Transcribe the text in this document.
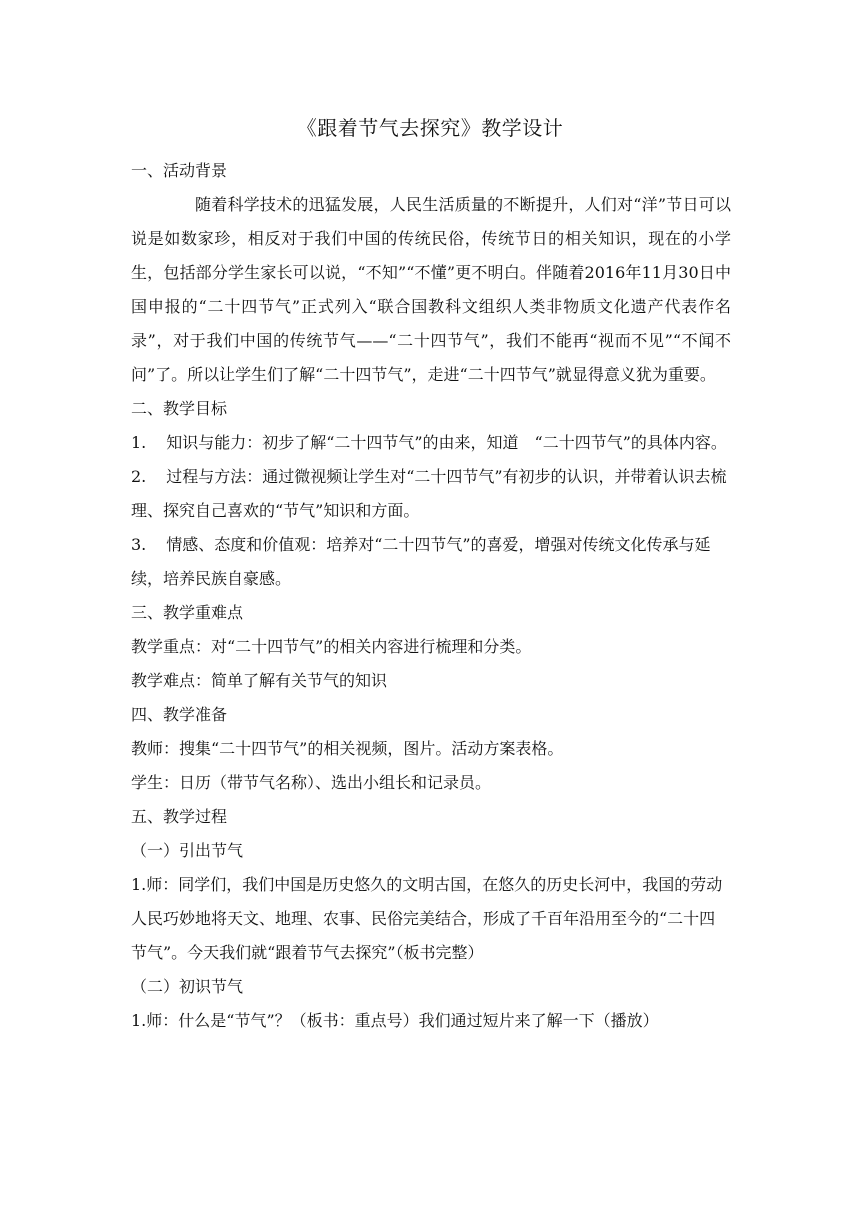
《跟着节气去探究》教学设计

一、活动背景

随着科学技术的迅猛发展，人民生活质量的不断提升，人们对“洋”节日可以说是如数家珍，相反对于我们中国的传统民俗，传统节日的相关知识，现在的小学生，包括部分学生家长可以说，“不知”“不懂”更不明白。伴随着2016年11月30日中国申报的“二十四节气”正式列入“联合国教科文组织人类非物质文化遗产代表作名录”，对于我们中国的传统节气——“二十四节气”，我们不能再“视而不见”“不闻不问”了。所以让学生们了解“二十四节气”，走进“二十四节气”就显得意义犹为重要。

二、教学目标

1. 知识与能力：初步了解“二十四节气”的由来，知道　“二十四节气”的具体内容。

2. 过程与方法：通过微视频让学生对“二十四节气”有初步的认识，并带着认识去梳理、探究自己喜欢的“节气”知识和方面。

3. 情感、态度和价值观：培养对“二十四节气”的喜爱，增强对传统文化传承与延续，培养民族自豪感。

三、教学重难点

教学重点：对“二十四节气”的相关内容进行梳理和分类。

教学难点：简单了解有关节气的知识

四、教学准备

教师：搜集“二十四节气”的相关视频，图片。活动方案表格。

学生：日历（带节气名称）、选出小组长和记录员。

五、教学过程

（一）引出节气

1.师：同学们，我们中国是历史悠久的文明古国，在悠久的历史长河中，我国的劳动人民巧妙地将天文、地理、农事、民俗完美结合，形成了千百年沿用至今的“二十四节气”。今天我们就“跟着节气去探究”（板书完整）

（二）初识节气

1.师：什么是“节气”？（板书：重点号）我们通过短片来了解一下（播放）
